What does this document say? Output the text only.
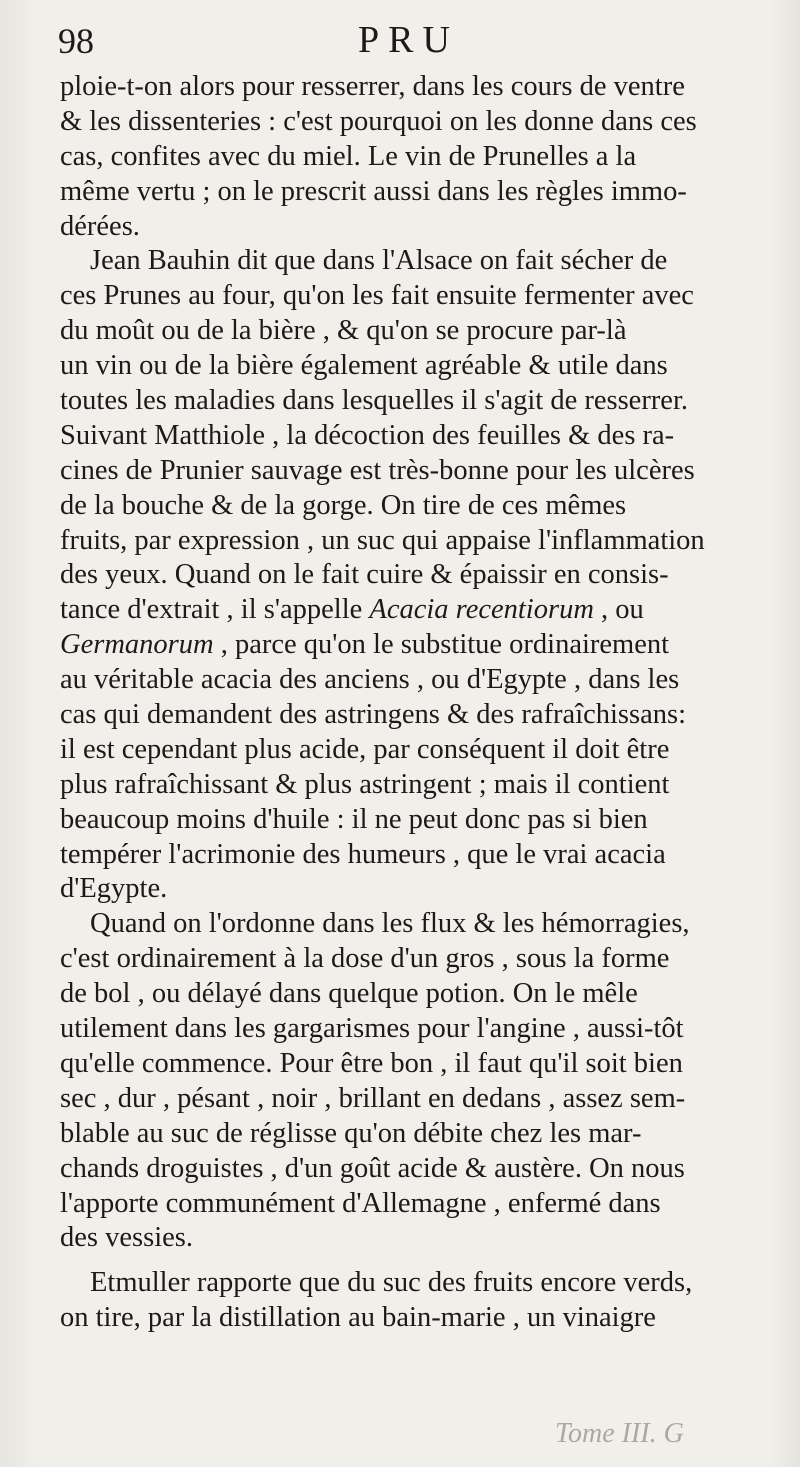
98	PRU
ploie-t-on alors pour resserrer, dans les cours de ventre
& les dissenteries : c'est pourquoi on les donne dans ces
cas, confites avec du miel. Le vin de Prunelles a la
même vertu ; on le prescrit aussi dans les règles immo-
dérées.
Jean Bauhin dit que dans l'Alsace on fait sécher de
ces Prunes au four, qu'on les fait ensuite fermenter avec
du moût ou de la bière , & qu'on se procure par-là
un vin ou de la bière également agréable & utile dans
toutes les maladies dans lesquelles il s'agit de resserrer.
Suivant Matthiole , la décoction des feuilles & des ra-
cines de Prunier sauvage est très-bonne pour les ulcères
de la bouche & de la gorge. On tire de ces mêmes
fruits, par expression , un suc qui appaise l'inflammation
des yeux. Quand on le fait cuire & épaissir en consis-
tance d'extrait , il s'appelle Acacia recentiorum , ou
Germanorum , parce qu'on le substitue ordinairement
au véritable acacia des anciens , ou d'Egypte , dans les
cas qui demandent des astringens & des rafraîchissans:
il est cependant plus acide, par conséquent il doit être
plus rafraîchissant & plus astringent ; mais il contient
beaucoup moins d'huile : il ne peut donc pas si bien
tempérer l'acrimonie des humeurs , que le vrai acacia
d'Egypte.
Quand on l'ordonne dans les flux & les hémorragies,
c'est ordinairement à la dose d'un gros , sous la forme
de bol , ou délayé dans quelque potion. On le mêle
utilement dans les gargarismes pour l'angine , aussi-tôt
qu'elle commence. Pour être bon , il faut qu'il soit bien
sec , dur , pésant , noir , brillant en dedans , assez sem-
blable au suc de réglisse qu'on débite chez les mar-
chands droguistes , d'un goût acide & austère. On nous
l'apporte communément d'Allemagne , enfermé dans
des vessies.
Etmuller rapporte que du suc des fruits encore verds,
on tire, par la distillation au bain-marie , un vinaigre
Tome III. G
